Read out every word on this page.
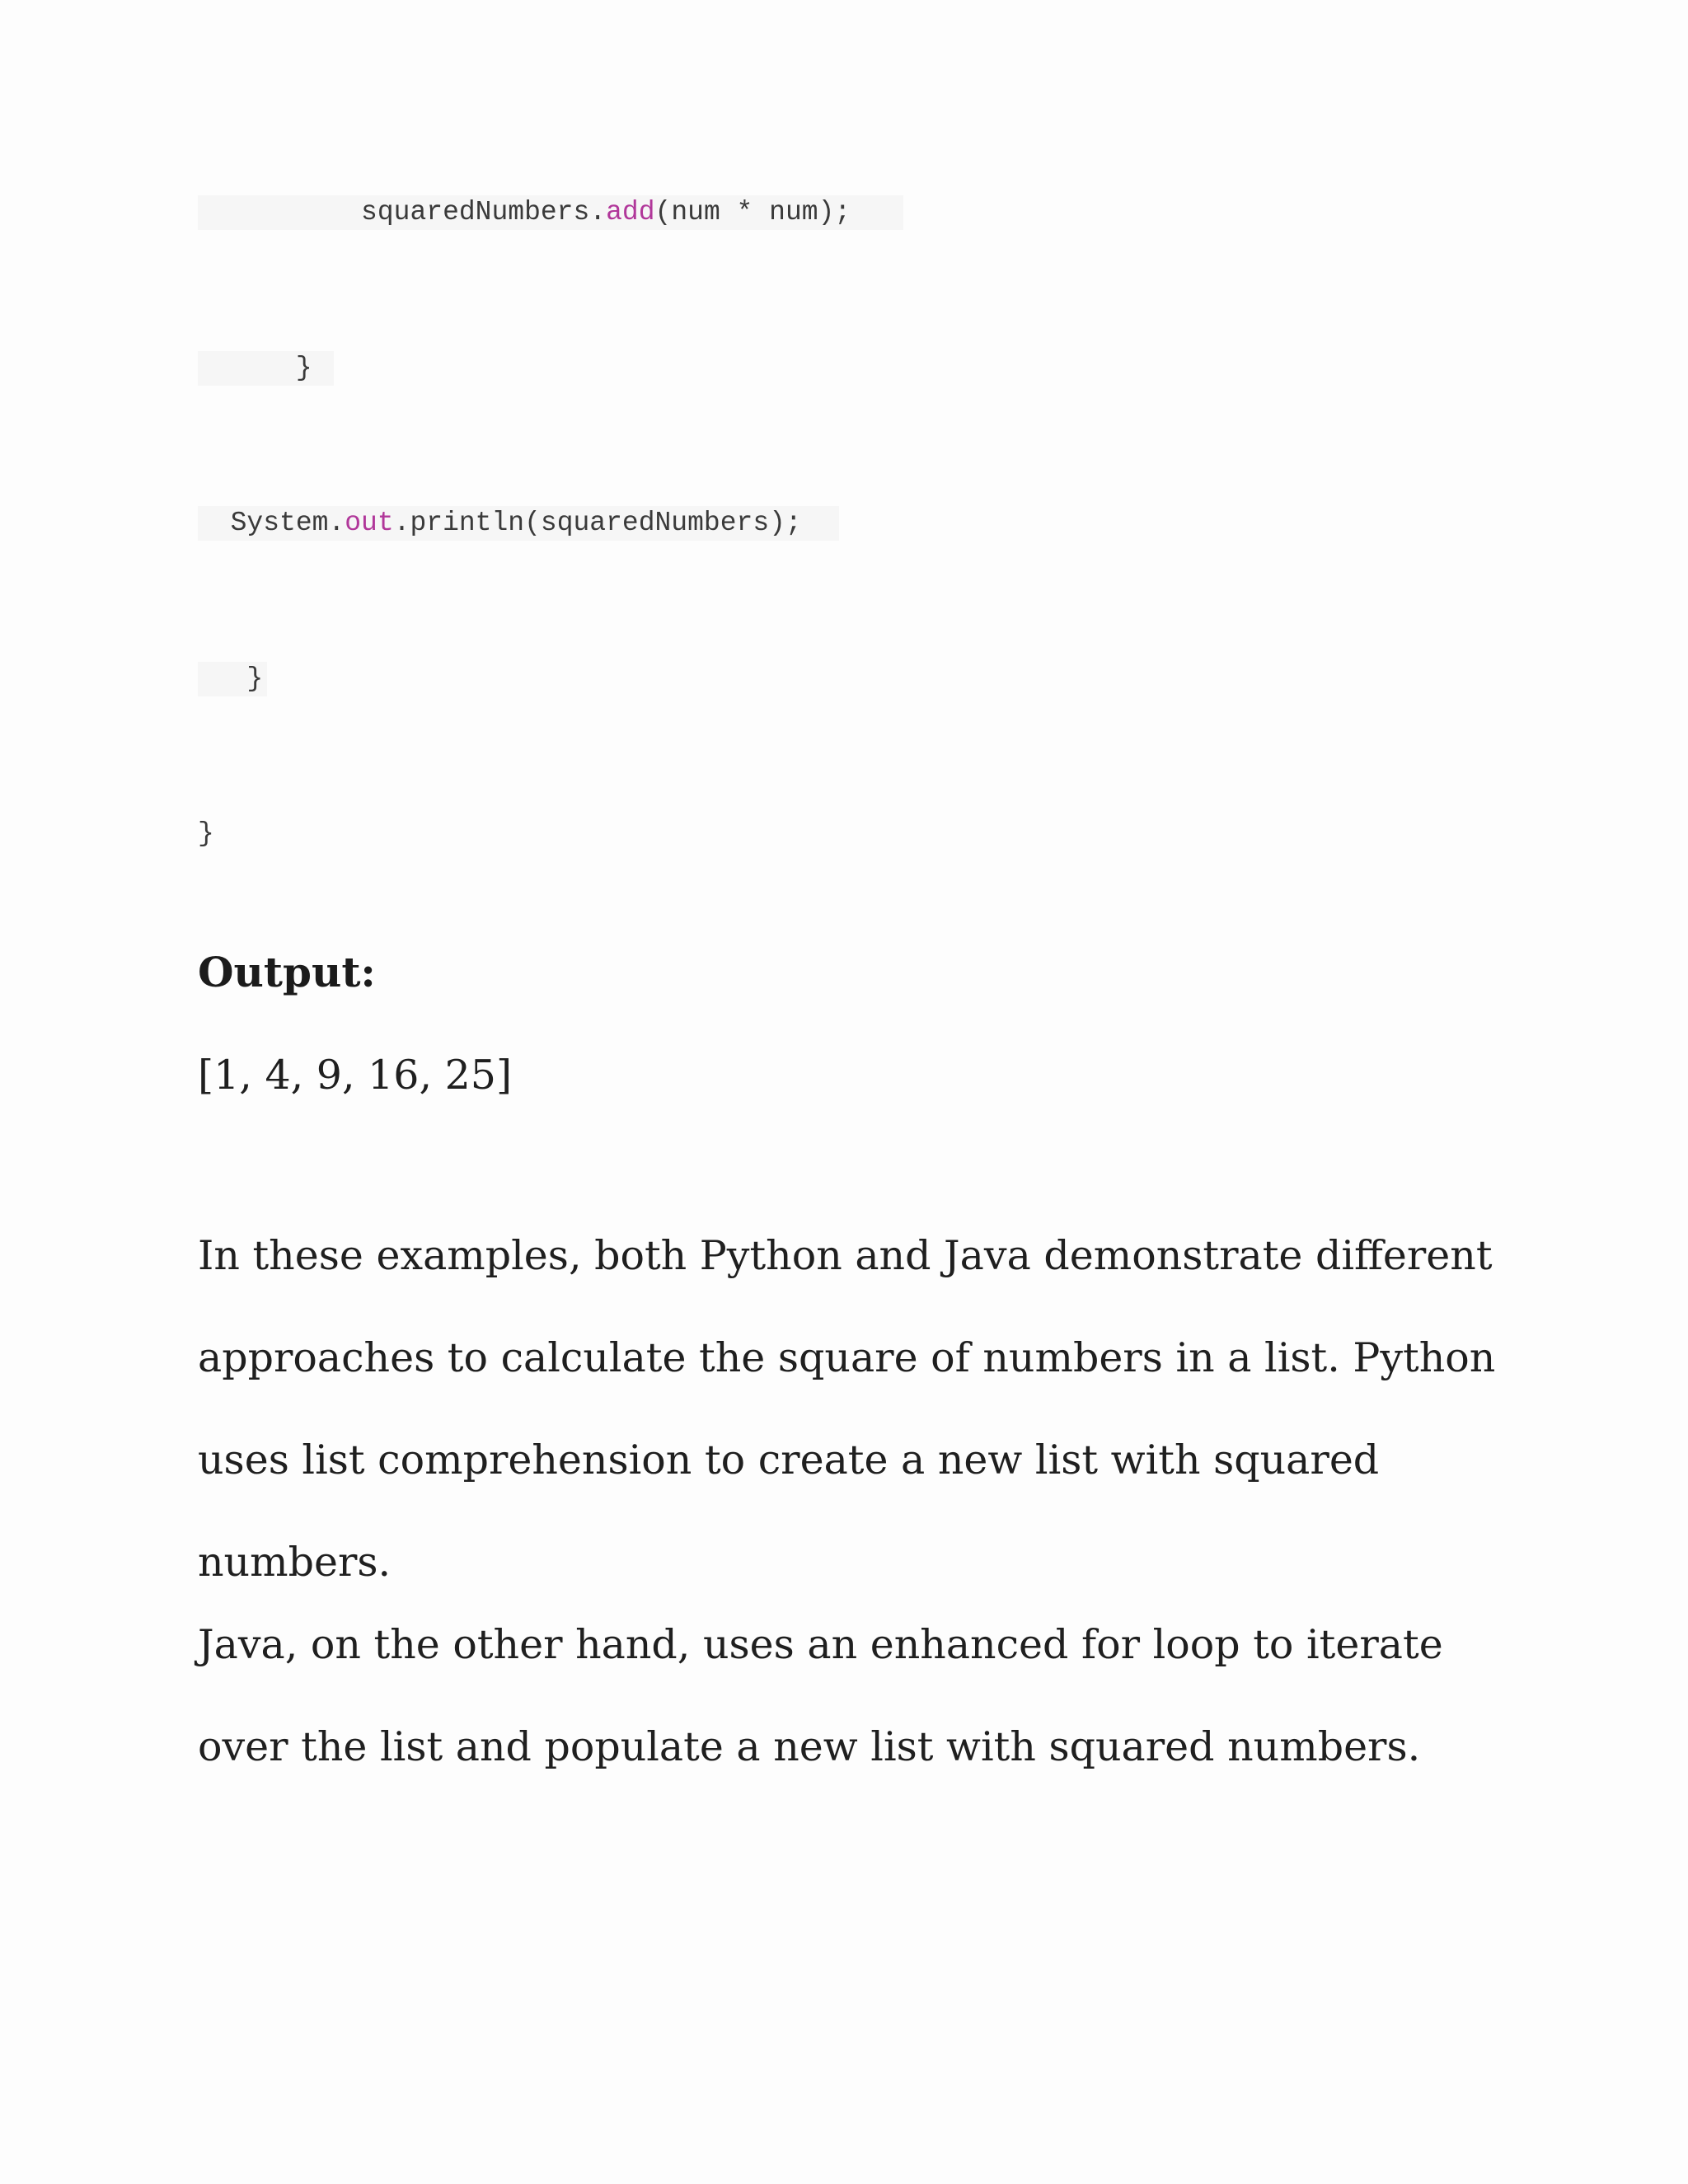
squaredNumbers.add(num * num);
}
System.out.println(squaredNumbers);
}
}
Output:

[1, 4, 9, 16, 25]

In these examples, both Python and Java demonstrate different approaches to calculate the square of numbers in a list. Python uses list comprehension to create a new list with squared numbers.

Java, on the other hand, uses an enhanced for loop to iterate over the list and populate a new list with squared numbers.
